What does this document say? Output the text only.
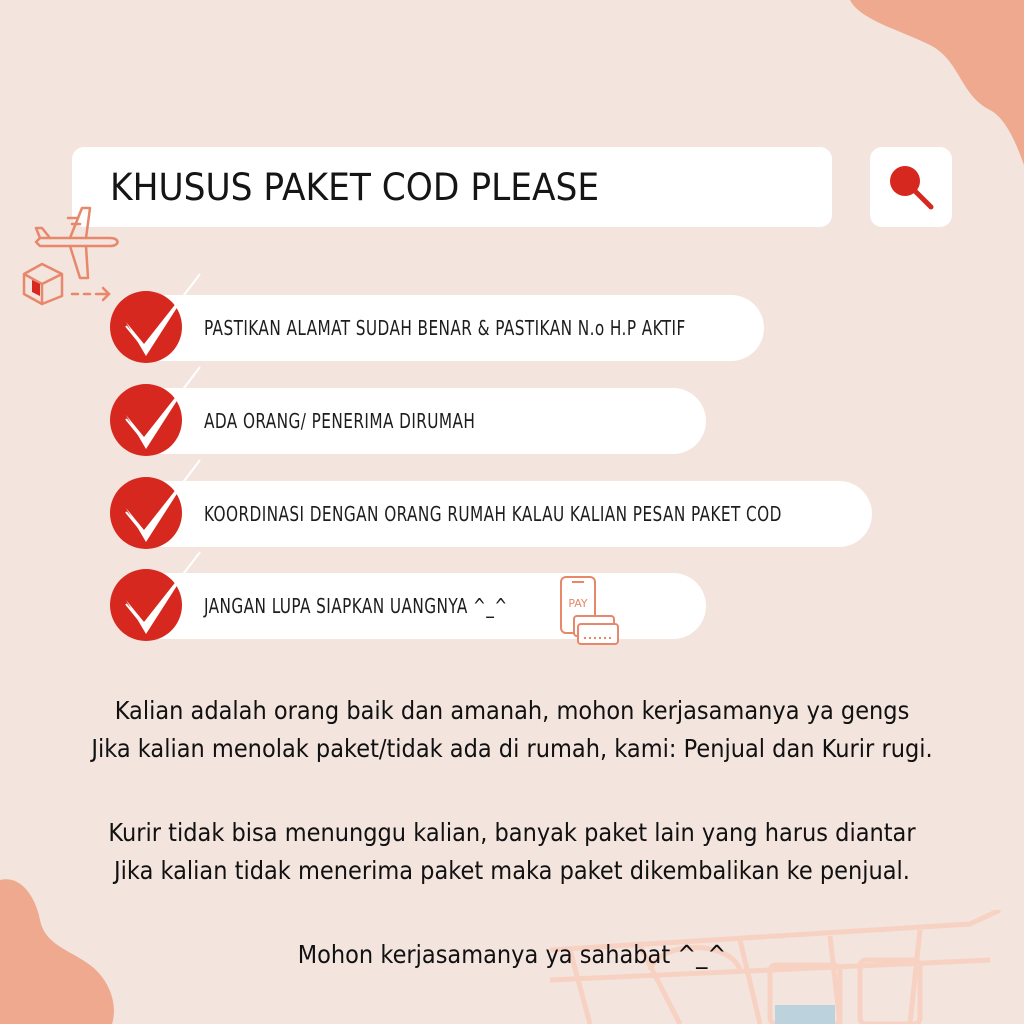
KHUSUS PAKET COD PLEASE
PASTIKAN ALAMAT SUDAH BENAR & PASTIKAN N.o H.P AKTIF
ADA ORANG/ PENERIMA DIRUMAH
KOORDINASI DENGAN ORANG RUMAH KALAU KALIAN PESAN PAKET COD
JANGAN LUPA SIAPKAN UANGNYA ^_^	PAY
Kalian adalah orang baik dan amanah, mohon kerjasamanya ya gengs
Jika kalian menolak paket/tidak ada di rumah, kami: Penjual dan Kurir rugi.
Kurir tidak bisa menunggu kalian, banyak paket lain yang harus diantar
Jika kalian tidak menerima paket maka paket dikembalikan ke penjual.
Mohon kerjasamanya ya sahabat ^_^
